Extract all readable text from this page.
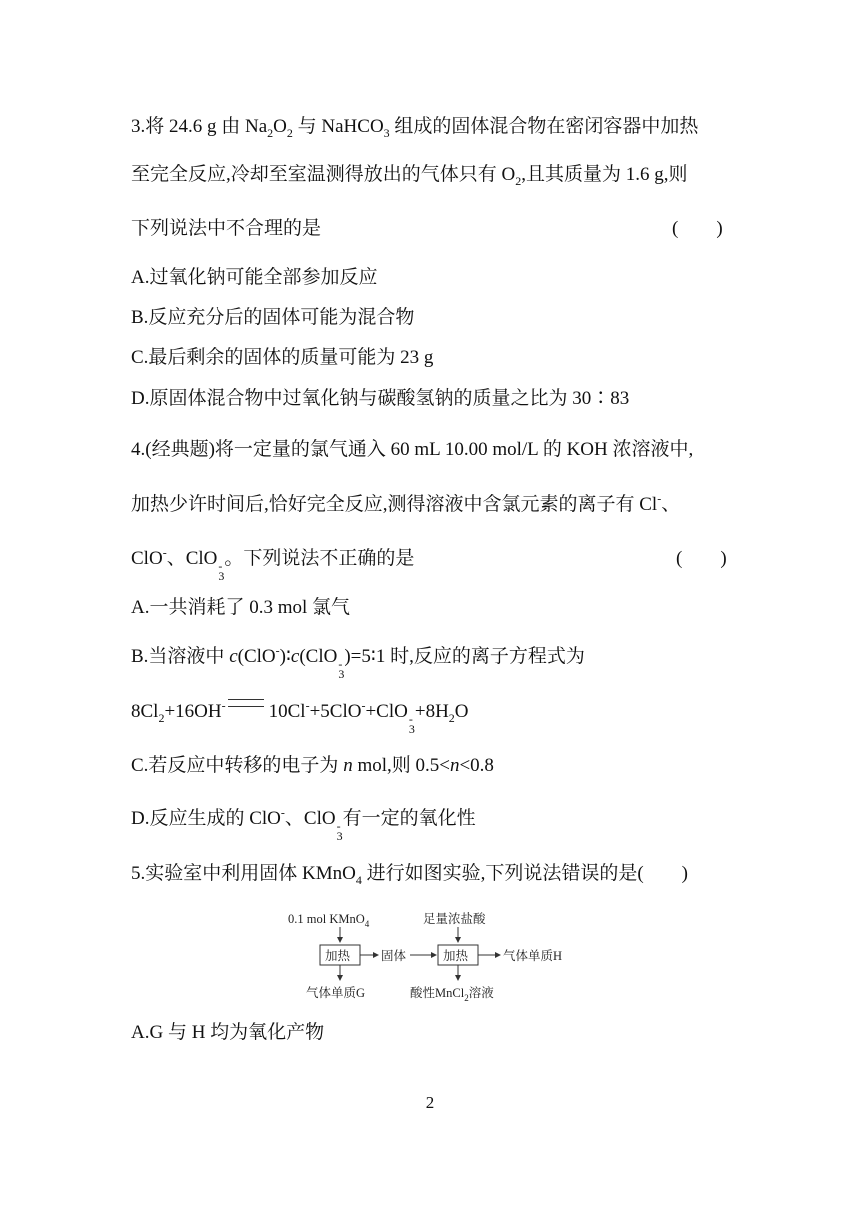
3.将 24.6 g 由 $Na_2O_2$ 与 NaHCO$_3$ 组成的固体混合物在密闭容器中加热
至完全反应,冷却至室温测得放出的气体只有 $O_2$,且其质量为 1.6 g,则
下列说法中不合理的是	(　　)
A.过氧化钠可能全部参加反应
B.反应充分后的固体可能为混合物
C.最后剩余的固体的质量可能为 23 g
D.原固体混合物中过氧化钠与碳酸氢钠的质量之比为 30∶83
4.(经典题)将一定量的氯气通入 60 mL 10.00 mol/L 的 KOH 浓溶液中,
加热少许时间后,恰好完全反应,测得溶液中含氯元素的离子有 Cl-、
ClO-、ClO -
3
。下列说法不正确的是	(　　)
A.一共消耗了 0.3 mol 氯气
B.当溶液中 c(ClO-)∶c(ClO -
3
)=5∶1 时,反应的离子方程式为
$8Cl_2+16OH^-$ 10Cl-+5ClO-+ClO -
3
$+8H_2O$
C.若反应中转移的电子为 n mol,则 0.5<n<0.8
D.反应生成的 ClO-、ClO -
3
有一定的氧化性
5.实验室中利用固体 KMnO$_4$ 进行如图实验,下列说法错误的是(　　)
0.1 mol KMnO$_4$	足量浓盐酸
加热 固体	加热	气体单质H
气体单质G	酸性MnCl$_2$溶液
A.G 与 H 均为氧化产物
2
